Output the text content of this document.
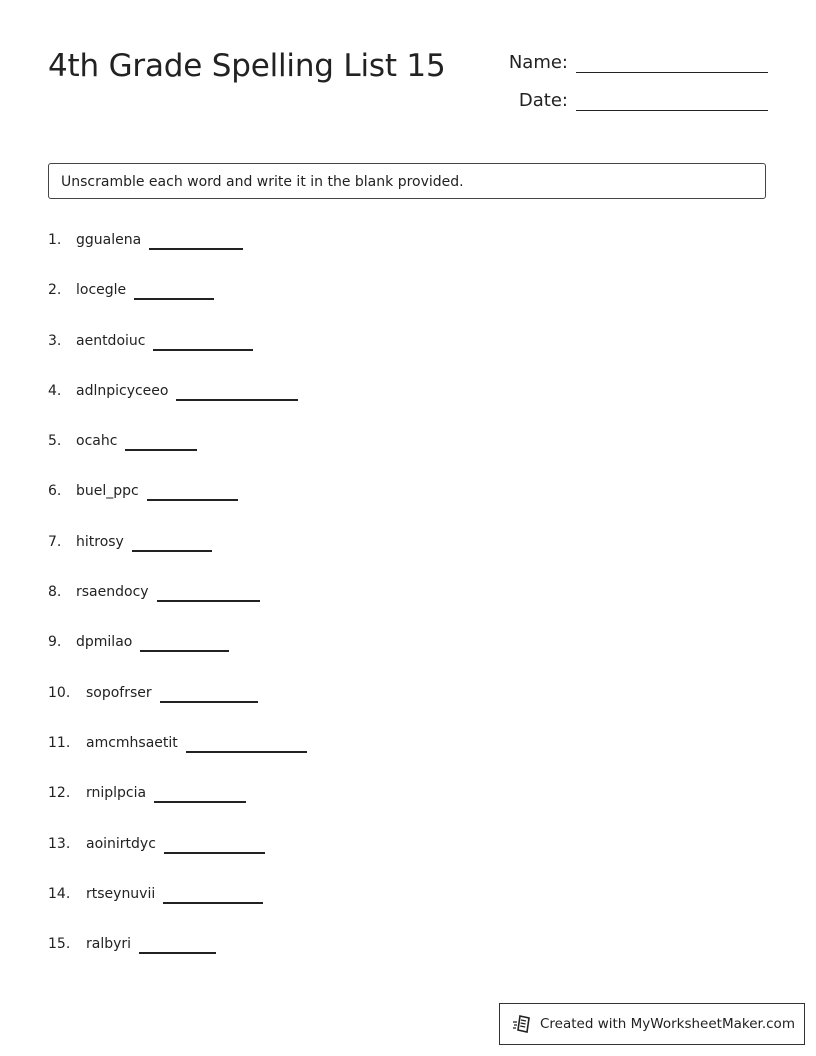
4th Grade Spelling List 15	Name:
Date:
Unscramble each word and write it in the blank provided.
1.	ggualena
2.	locegle
3.	aentdoiuc
4.	adlnpicyceeo
5.	ocahc
6.	buel_ppc
7.	hitrosy
8.	rsaendocy
9.	dpmilao
10.	sopofrser
11.	amcmhsaetit
12.	rniplpcia
13.	aoinirtdyc
14.	rtseynuvii
15.	ralbyri
Created with MyWorksheetMaker.com
